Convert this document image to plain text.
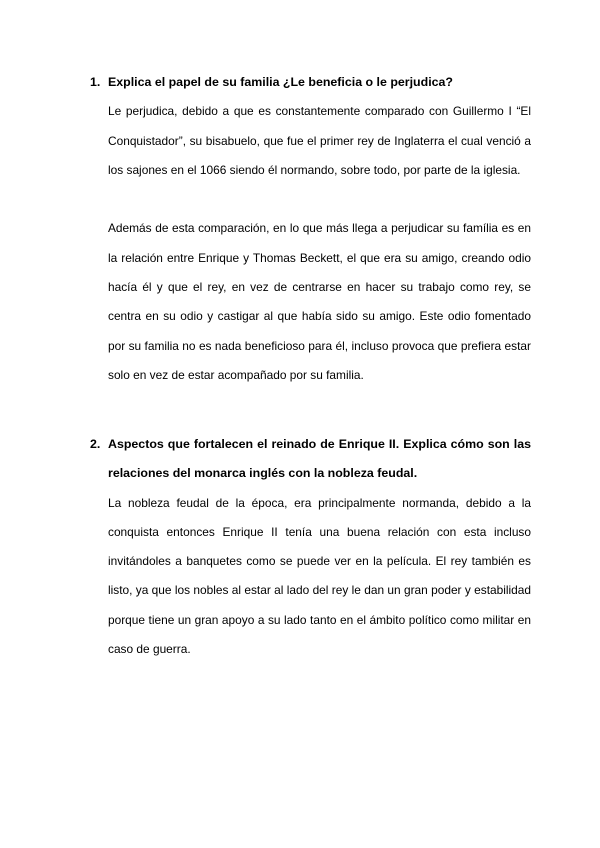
1. Explica el papel de su familia ¿Le beneficia o le perjudica?

Le perjudica, debido a que es constantemente comparado con Guillermo I “El Conquistador”, su bisabuelo, que fue el primer rey de Inglaterra el cual venció a los sajones en el 1066 siendo él normando, sobre todo, por parte de la iglesia.

Además de esta comparación, en lo que más llega a perjudicar su família es en la relación entre Enrique y Thomas Beckett, el que era su amigo, creando odio hacía él y que el rey, en vez de centrarse en hacer su trabajo como rey, se centra en su odio y castigar al que había sido su amigo. Este odio fomentado por su familia no es nada beneficioso para él, incluso provoca que prefiera estar solo en vez de estar acompañado por su familia.

2. Aspectos que fortalecen el reinado de Enrique II. Explica cómo son las relaciones del monarca inglés con la nobleza feudal.

La nobleza feudal de la época, era principalmente normanda, debido a la conquista entonces Enrique II tenía una buena relación con esta incluso invitándoles a banquetes como se puede ver en la película. El rey también es listo, ya que los nobles al estar al lado del rey le dan un gran poder y estabilidad porque tiene un gran apoyo a su lado tanto en el ámbito político como militar en caso de guerra.
